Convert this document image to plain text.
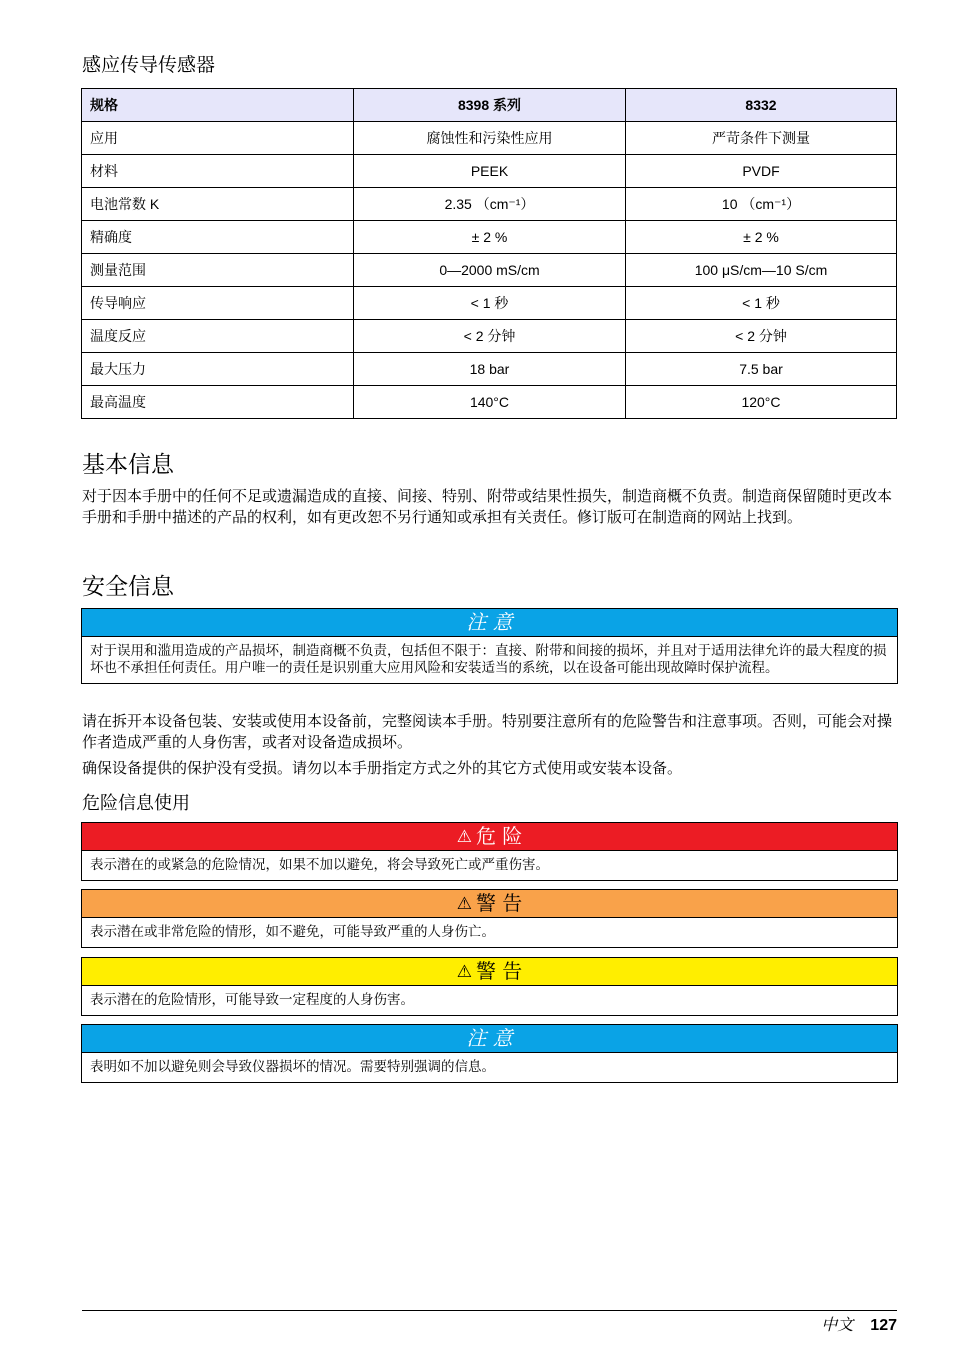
感应传导传感器
规格	8398 系列	8332
应用	腐蚀性和污染性应用	严苛条件下测量
材料	PEEK	PVDF
电池常数 K	2.35 （cm⁻¹）	10 （cm⁻¹）
精确度	± 2 %	± 2 %
测量范围	0—2000 mS/cm	100 μS/cm—10 S/cm
传导响应	< 1 秒	< 1 秒
温度反应	< 2 分钟	< 2 分钟
最大压力	18 bar	7.5 bar
最高温度	140°C	120°C
基本信息

对于因本手册中的任何不足或遗漏造成的直接、间接、特别、附带或结果性损失，制造商概不负责。制造商保留随时更改本手册和手册中描述的产品的权利，如有更改恕不另行通知或承担有关责任。修订版可在制造商的网站上找到。

安全信息
注 意
对于误用和滥用造成的产品损坏，制造商概不负责，包括但不限于：直接、附带和间接的损坏，并且对于适用法律允许的最大程度的损坏也不承担任何责任。用户唯一的责任是识别重大应用风险和安装适当的系统，以在设备可能出现故障时保护流程。

请在拆开本设备包装、安装或使用本设备前，完整阅读本手册。特别要注意所有的危险警告和注意事项。否则，可能会对操作者造成严重的人身伤害，或者对设备造成损坏。

确保设备提供的保护没有受损。请勿以本手册指定方式之外的其它方式使用或安装本设备。

危险信息使用
⚠ 危 险
表示潜在的或紧急的危险情况，如果不加以避免，将会导致死亡或严重伤害。
⚠ 警 告
表示潜在或非常危险的情形，如不避免，可能导致严重的人身伤亡。
⚠ 警 告
表示潜在的危险情形，可能导致一定程度的人身伤害。
注 意
表明如不加以避免则会导致仪器损坏的情况。需要特别强调的信息。
中文 127
